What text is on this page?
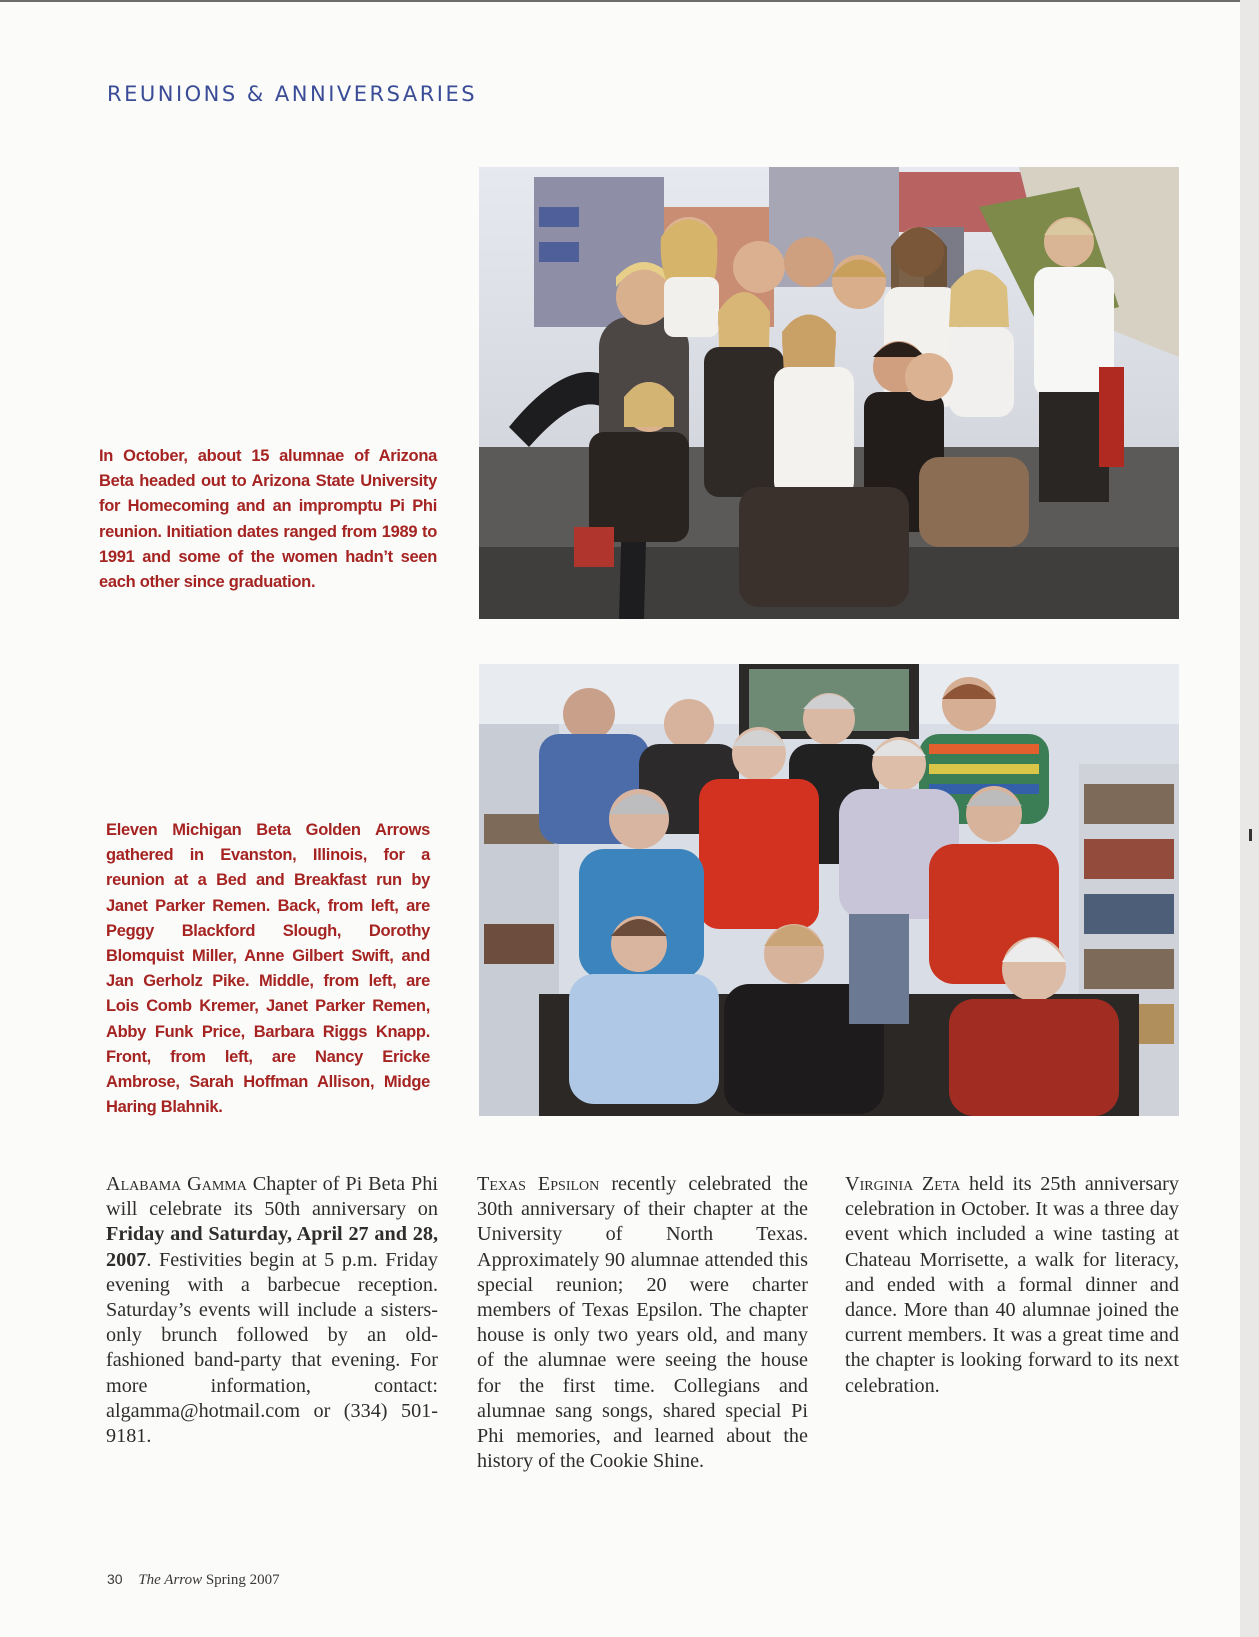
REUNIONS & ANNIVERSARIES
In October, about 15 alumnae of Arizona Beta headed out to Arizona State University for Homecoming and an impromptu Pi Phi reunion. Initiation dates ranged from 1989 to 1991 and some of the women hadn’t seen each other since graduation.
Eleven Michigan Beta Golden Arrows gathered in Evanston, Illinois, for a reunion at a Bed and Breakfast run by Janet Parker Remen. Back, from left, are Peggy Blackford Slough, Dorothy Blomquist Miller, Anne Gilbert Swift, and Jan Gerholz Pike. Middle, from left, are Lois Comb Kremer, Janet Parker Remen, Abby Funk Price, Barbara Riggs Knapp. Front, from left, are Nancy Ericke Ambrose, Sarah Hoffman Allison, Midge Haring Blahnik.
Alabama Gamma Chapter of Pi Beta Phi will celebrate its 50th anniversary on Friday and Saturday, April 27 and 28, 2007. Festivities begin at 5 p.m. Friday evening with a barbecue reception. Saturday’s events will include a sisters-only brunch followed by an old-fashioned band-party that evening. For more information, contact: algamma@hotmail.com or (334) 501-9181.
Texas Epsilon recently celebrated the 30th anniversary of their chapter at the University of North Texas. Approximately 90 alumnae attended this special reunion; 20 were charter members of Texas Epsilon. The chapter house is only two years old, and many of the alumnae were seeing the house for the first time. Collegians and alumnae sang songs, shared special Pi Phi memories, and learned about the history of the Cookie Shine.
Virginia Zeta held its 25th anniversary celebration in October. It was a three day event which included a wine tasting at Chateau Morrisette, a walk for literacy, and ended with a formal dinner and dance. More than 40 alumnae joined the current members. It was a great time and the chapter is looking forward to its next celebration.
30 The Arrow Spring 2007
